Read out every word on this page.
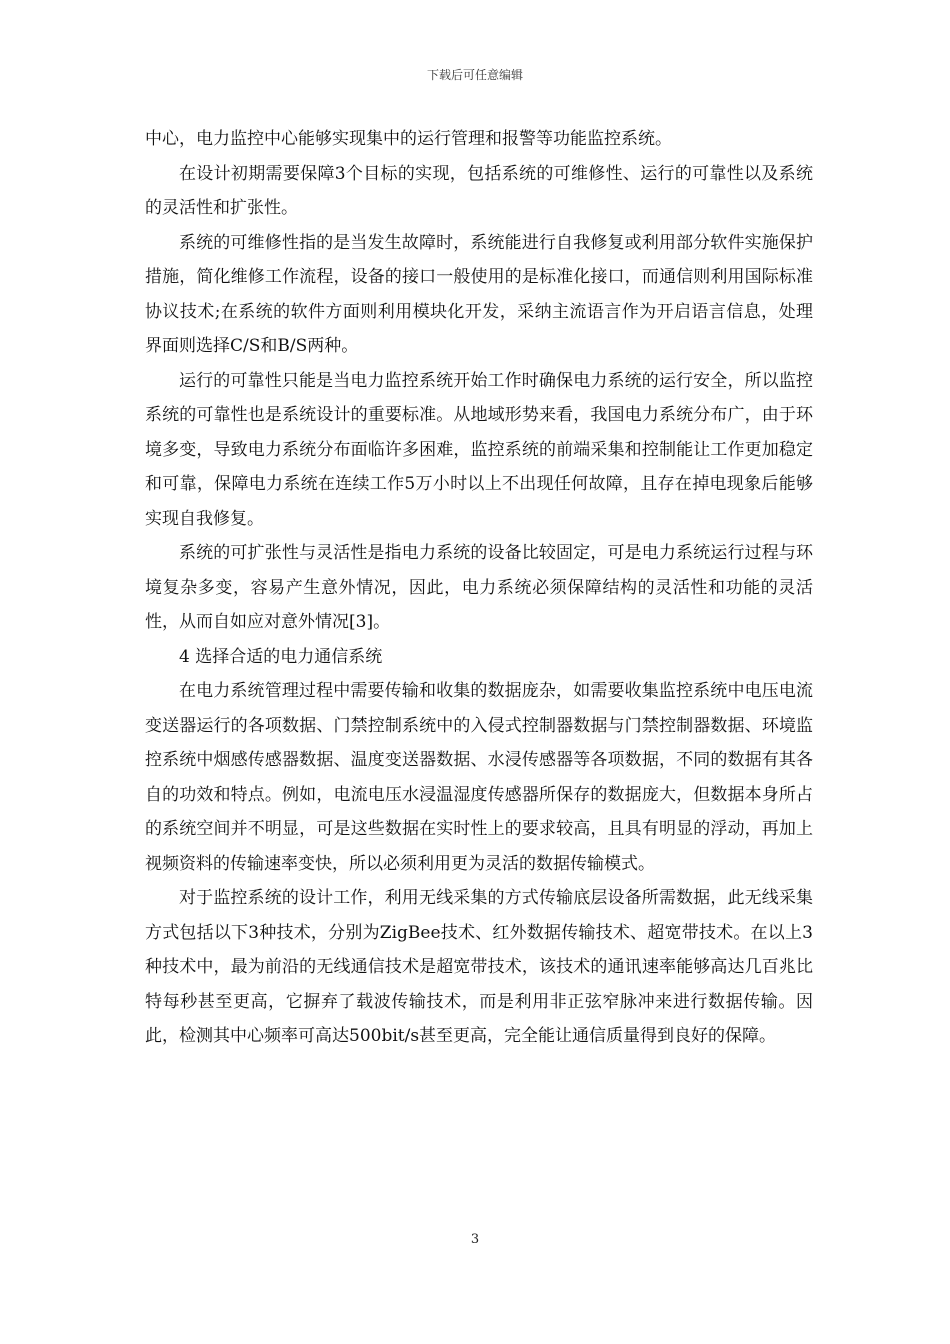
下载后可任意编辑

中心，电力监控中心能够实现集中的运行管理和报警等功能监控系统。

在设计初期需要保障3个目标的实现，包括系统的可维修性、运行的可靠性以及系统的灵活性和扩张性。

系统的可维修性指的是当发生故障时，系统能进行自我修复或利用部分软件实施保护措施，简化维修工作流程，设备的接口一般使用的是标准化接口，而通信则利用国际标准协议技术;在系统的软件方面则利用模块化开发，采纳主流语言作为开启语言信息，处理界面则选择C/S和B/S两种。

运行的可靠性只能是当电力监控系统开始工作时确保电力系统的运行安全，所以监控系统的可靠性也是系统设计的重要标准。从地域形势来看，我国电力系统分布广，由于环境多变，导致电力系统分布面临许多困难，监控系统的前端采集和控制能让工作更加稳定和可靠，保障电力系统在连续工作5万小时以上不出现任何故障，且存在掉电现象后能够实现自我修复。

系统的可扩张性与灵活性是指电力系统的设备比较固定，可是电力系统运行过程与环境复杂多变，容易产生意外情况，因此，电力系统必须保障结构的灵活性和功能的灵活性，从而自如应对意外情况[3]。

4 选择合适的电力通信系统

在电力系统管理过程中需要传输和收集的数据庞杂，如需要收集监控系统中电压电流变送器运行的各项数据、门禁控制系统中的入侵式控制器数据与门禁控制器数据、环境监控系统中烟感传感器数据、温度变送器数据、水浸传感器等各项数据，不同的数据有其各自的功效和特点。例如，电流电压水浸温湿度传感器所保存的数据庞大，但数据本身所占的系统空间并不明显，可是这些数据在实时性上的要求较高，且具有明显的浮动，再加上视频资料的传输速率变快，所以必须利用更为灵活的数据传输模式。

对于监控系统的设计工作，利用无线采集的方式传输底层设备所需数据，此无线采集方式包括以下3种技术，分别为ZigBee技术、红外数据传输技术、超宽带技术。在以上3种技术中，最为前沿的无线通信技术是超宽带技术，该技术的通讯速率能够高达几百兆比特每秒甚至更高，它摒弃了载波传输技术，而是利用非正弦窄脉冲来进行数据传输。因此，检测其中心频率可高达500bit/s甚至更高，完全能让通信质量得到良好的保障。

3
